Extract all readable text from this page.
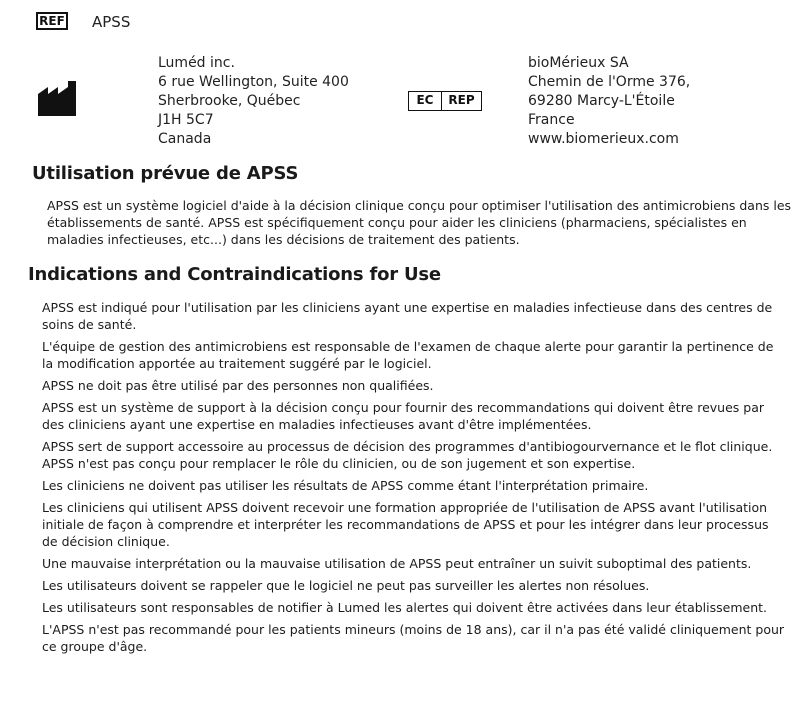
REF APSS
Luméd inc.
6 rue Wellington, Suite 400
Sherbrooke, Québec
J1H 5C7
Canada
EC	REP
bioMérieux SA
Chemin de l'Orme 376,
69280 Marcy-L'Étoile
France
www.biomerieux.com
Utilisation prévue de APSS
APSS est un système logiciel d'aide à la décision clinique conçu pour optimiser l'utilisation des antimicrobiens dans les établissements de santé. APSS est spécifiquement conçu pour aider les cliniciens (pharmaciens, spécialistes en maladies infectieuses, etc...) dans les décisions de traitement des patients.
Indications and Contraindications for Use

APSS est indiqué pour l'utilisation par les cliniciens ayant une expertise en maladies infectieuse dans des centres de soins de santé.

L'équipe de gestion des antimicrobiens est responsable de l'examen de chaque alerte pour garantir la pertinence de la modification apportée au traitement suggéré par le logiciel.

APSS ne doit pas être utilisé par des personnes non qualifiées.

APSS est un système de support à la décision conçu pour fournir des recommandations qui doivent être revues par des cliniciens ayant une expertise en maladies infectieuses avant d'être implémentées.

APSS sert de support accessoire au processus de décision des programmes d'antibiogourvernance et le flot clinique. APSS n'est pas conçu pour remplacer le rôle du clinicien, ou de son jugement et son expertise.

Les cliniciens ne doivent pas utiliser les résultats de APSS comme étant l'interprétation primaire.

Les cliniciens qui utilisent APSS doivent recevoir une formation appropriée de l'utilisation de APSS avant l'utilisation initiale de façon à comprendre et interpréter les recommandations de APSS et pour les intégrer dans leur processus de décision clinique.

Une mauvaise interprétation ou la mauvaise utilisation de APSS peut entraîner un suivit suboptimal des patients.

Les utilisateurs doivent se rappeler que le logiciel ne peut pas surveiller les alertes non résolues.

Les utilisateurs sont responsables de notifier à Lumed les alertes qui doivent être activées dans leur établissement.

L'APSS n'est pas recommandé pour les patients mineurs (moins de 18 ans), car il n'a pas été validé cliniquement pour ce groupe d'âge.
